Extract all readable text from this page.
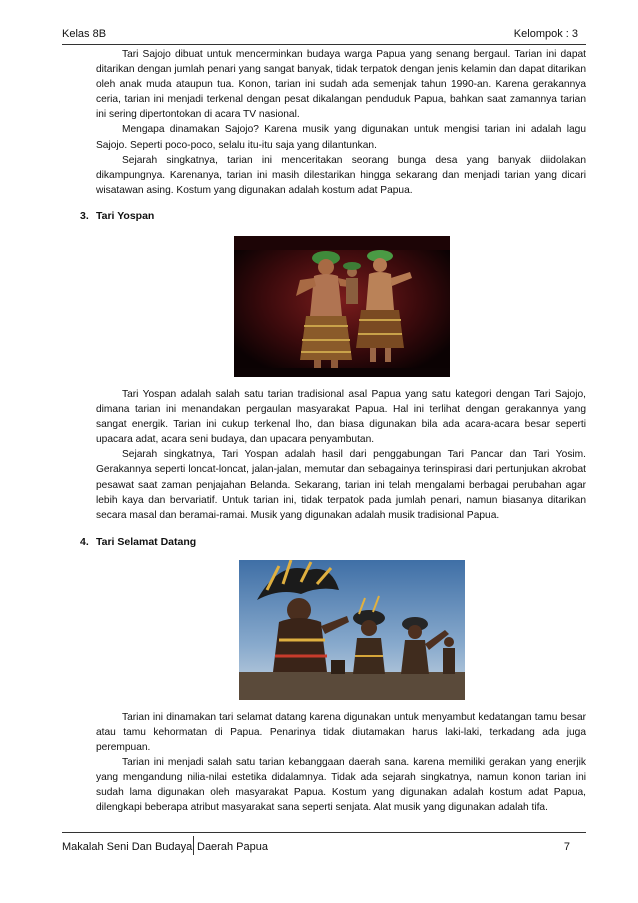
Kelas 8B	Kelompok : 3

Tari Sajojo dibuat untuk mencerminkan budaya warga Papua yang senang bergaul. Tarian ini dapat ditarikan dengan jumlah penari yang sangat banyak, tidak terpatok dengan jenis kelamin dan dapat ditarikan oleh anak muda ataupun tua. Konon, tarian ini sudah ada semenjak tahun 1990-an. Karena gerakannya ceria, tarian ini menjadi terkenal dengan pesat dikalangan penduduk Papua, bahkan saat zamannya tarian ini sering dipertontokan di acara TV nasional.

Mengapa dinamakan Sajojo? Karena musik yang digunakan untuk mengisi tarian ini adalah lagu Sajojo. Seperti poco-poco, selalu itu-itu saja yang dilantunkan.

Sejarah singkatnya, tarian ini menceritakan seorang bunga desa yang banyak diidolakan dikampungnya. Karenanya, tarian ini masih dilestarikan hingga sekarang dan menjadi tarian yang dicari wisatawan asing. Kostum yang digunakan adalah kostum adat Papua.

3. Tari Yospan

Tari Yospan adalah salah satu tarian tradisional asal Papua yang satu kategori dengan Tari Sajojo, dimana tarian ini menandakan pergaulan masyarakat Papua. Hal ini terlihat dengan gerakannya yang sangat energik. Tarian ini cukup terkenal lho, dan biasa digunakan bila ada acara-acara besar seperti upacara adat, acara seni budaya, dan upacara penyambutan.

Sejarah singkatnya, Tari Yospan adalah hasil dari penggabungan Tari Pancar dan Tari Yosim. Gerakannya seperti loncat-loncat, jalan-jalan, memutar dan sebagainya terinspirasi dari pertunjukan akrobat pesawat saat zaman penjajahan Belanda. Sekarang, tarian ini telah mengalami berbagai perubahan agar lebih kaya dan bervariatif. Untuk tarian ini, tidak terpatok pada jumlah penari, namun biasanya ditarikan secara masal dan beramai-ramai. Musik yang digunakan adalah musik tradisional Papua.

4. Tari Selamat Datang

Tarian ini dinamakan tari selamat datang karena digunakan untuk menyambut kedatangan tamu besar atau tamu kehormatan di Papua. Penarinya tidak diutamakan harus laki-laki, terkadang ada juga perempuan.

Tarian ini menjadi salah satu tarian kebanggaan daerah sana. karena memiliki gerakan yang enerjik yang mengandung nilia-nilai estetika didalamnya. Tidak ada sejarah singkatnya, namun konon tarian ini sudah lama digunakan oleh masyarakat Papua. Kostum yang digunakan adalah kostum adat Papua, dilengkapi beberapa atribut masyarakat sana seperti senjata. Alat musik yang digunakan adalah tifa.

Makalah Seni Dan Budaya Daerah Papua	7
